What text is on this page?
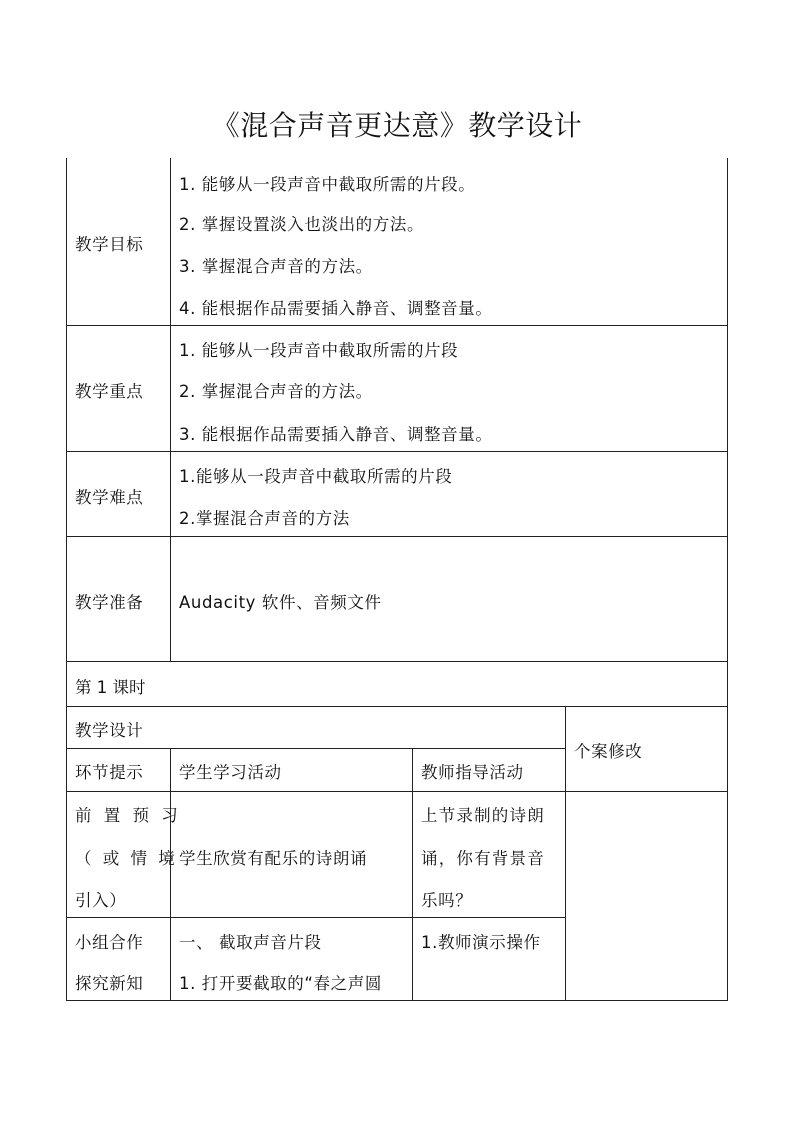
《混合声音更达意》教学设计
教学目标
1. 能够从一段声音中截取所需的片段。
2. 掌握设置淡入也淡出的方法。
3. 掌握混合声音的方法。
4. 能根据作品需要插入静音、调整音量。
教学重点
1. 能够从一段声音中截取所需的片段
2. 掌握混合声音的方法。
3. 能根据作品需要插入静音、调整音量。
教学难点
1.能够从一段声音中截取所需的片段
2.掌握混合声音的方法
教学准备 Audacity 软件、音频文件
第 1 课时
教学设计
个案修改
环节提示 学生学习活动	教师指导活动
前 置 预 习
（ 或 情 境
引入）
学生欣赏有配乐的诗朗诵
上节录制的诗朗
诵，你有背景音
乐吗？
小组合作
探究新知
一、 截取声音片段
1. 打开要截取的“春之声圆
1.教师演示操作
